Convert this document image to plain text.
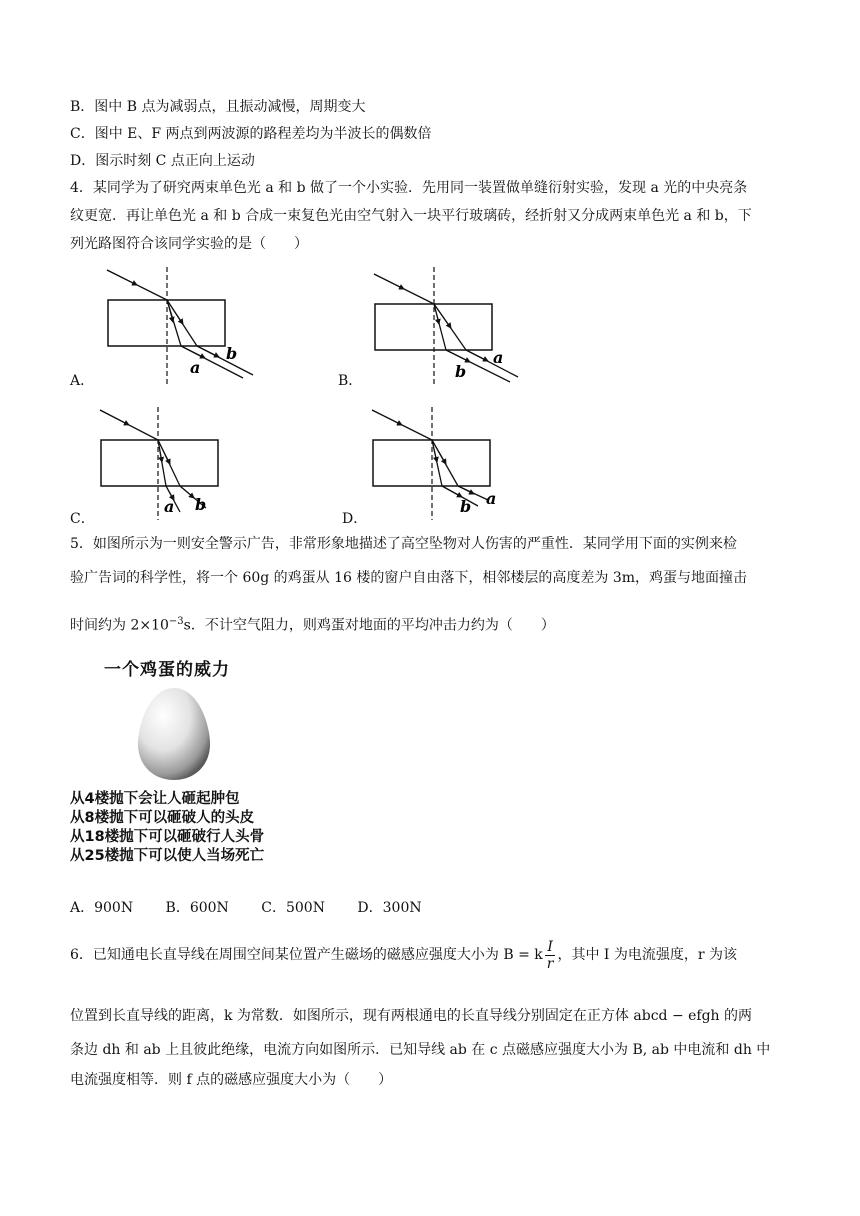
B．图中 B 点为减弱点，且振动减慢，周期变大
C．图中 E、F 两点到两波源的路程差均为半波长的偶数倍
D．图示时刻 C 点正向上运动
4．某同学为了研究两束单色光 a 和 b 做了一个小实验．先用同一装置做单缝衍射实验，发现 a 光的中央亮条
纹更宽．再让单色光 a 和 b 合成一束复色光由空气射入一块平行玻璃砖，经折射又分成两束单色光 a 和 b，下
列光路图符合该同学实验的是（　　）
b
a
A．
a
b
B．
b
a
C．
a
b
D．
5．如图所示为一则安全警示广告，非常形象地描述了高空坠物对人伤害的严重性．某同学用下面的实例来检
验广告词的科学性，将一个 60g 的鸡蛋从 16 楼的窗户自由落下，相邻楼层的高度差为 3m，鸡蛋与地面撞击
时间约为 $2\times 10^{-3}s$．不计空气阻力，则鸡蛋对地面的平均冲击力约为（　　）
一个鸡蛋的威力
从4楼抛下会让人砸起肿包
从8楼抛下可以砸破人的头皮
从18楼抛下可以砸破行人头骨
从25楼抛下可以使人当场死亡
A．900N B．600N C．500N D．300N
6．已知通电长直导线在周围空间某位置产生磁场的磁感应强度大小为 B = k $\frac{I}{r}$ ，其中 I 为电流强度，r 为该
位置到长直导线的距离，k 为常数．如图所示，现有两根通电的长直导线分别固定在正方体 abcd − efgh 的两
条边 dh 和 ab 上且彼此绝缘，电流方向如图所示．已知导线 ab 在 c 点磁感应强度大小为 B, ab 中电流和 dh 中
电流强度相等．则 f 点的磁感应强度大小为（　　）
